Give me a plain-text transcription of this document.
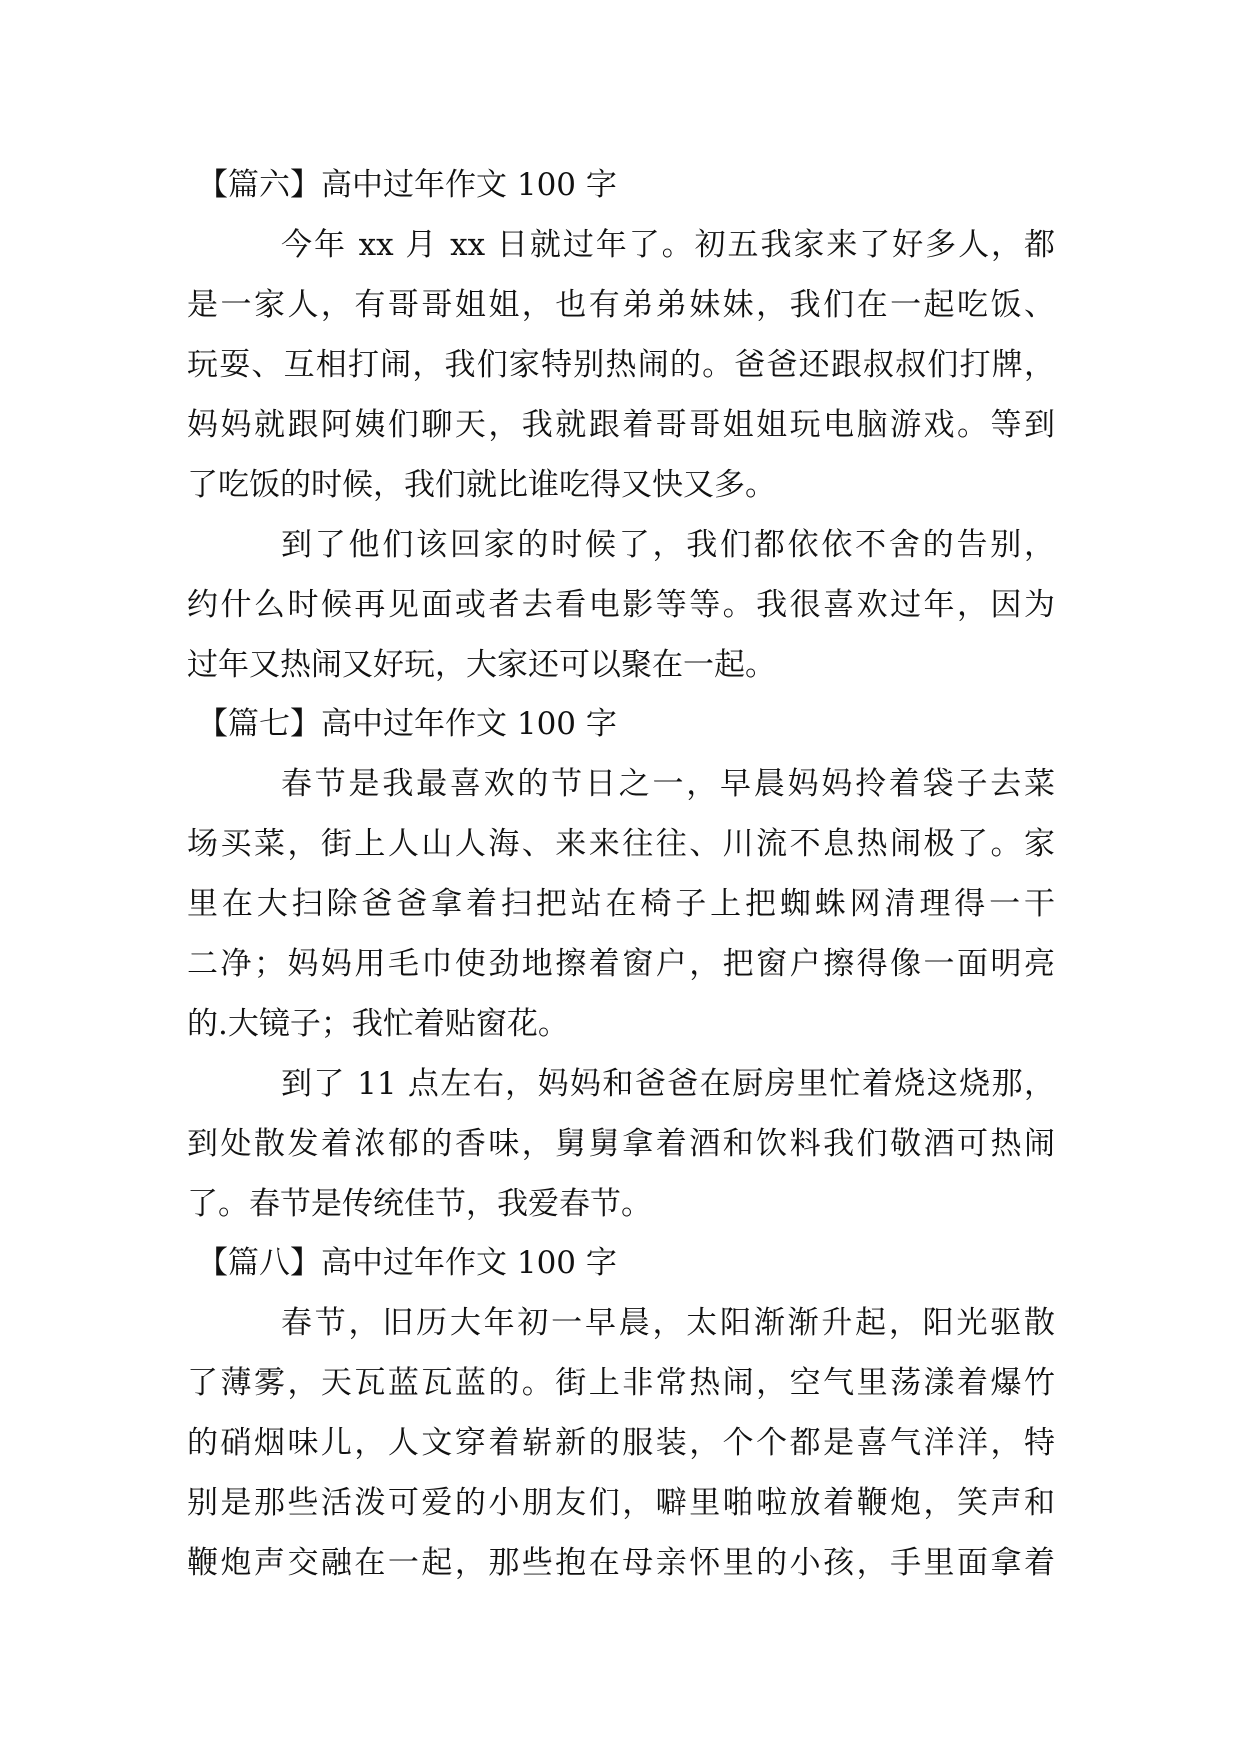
【篇六】高中过年作文 100 字
今年 xx 月 xx 日就过年了。初五我家来了好多人，都
是一家人，有哥哥姐姐，也有弟弟妹妹，我们在一起吃饭、
玩耍、互相打闹，我们家特别热闹的。爸爸还跟叔叔们打牌，
妈妈就跟阿姨们聊天，我就跟着哥哥姐姐玩电脑游戏。等到
了吃饭的时候，我们就比谁吃得又快又多。
到了他们该回家的时候了，我们都依依不舍的告别，
约什么时候再见面或者去看电影等等。我很喜欢过年，因为
过年又热闹又好玩，大家还可以聚在一起。
【篇七】高中过年作文 100 字
春节是我最喜欢的节日之一，早晨妈妈拎着袋子去菜
场买菜，街上人山人海、来来往往、川流不息热闹极了。家
里在大扫除爸爸拿着扫把站在椅子上把蜘蛛网清理得一干
二净；妈妈用毛巾使劲地擦着窗户，把窗户擦得像一面明亮
的.大镜子；我忙着贴窗花。
到了 11 点左右，妈妈和爸爸在厨房里忙着烧这烧那，
到处散发着浓郁的香味，舅舅拿着酒和饮料我们敬酒可热闹
了。春节是传统佳节，我爱春节。
【篇八】高中过年作文 100 字
春节，旧历大年初一早晨，太阳渐渐升起，阳光驱散
了薄雾，天瓦蓝瓦蓝的。街上非常热闹，空气里荡漾着爆竹
的硝烟味儿，人文穿着崭新的服装，个个都是喜气洋洋，特
别是那些活泼可爱的小朋友们，噼里啪啦放着鞭炮，笑声和
鞭炮声交融在一起，那些抱在母亲怀里的小孩，手里面拿着
